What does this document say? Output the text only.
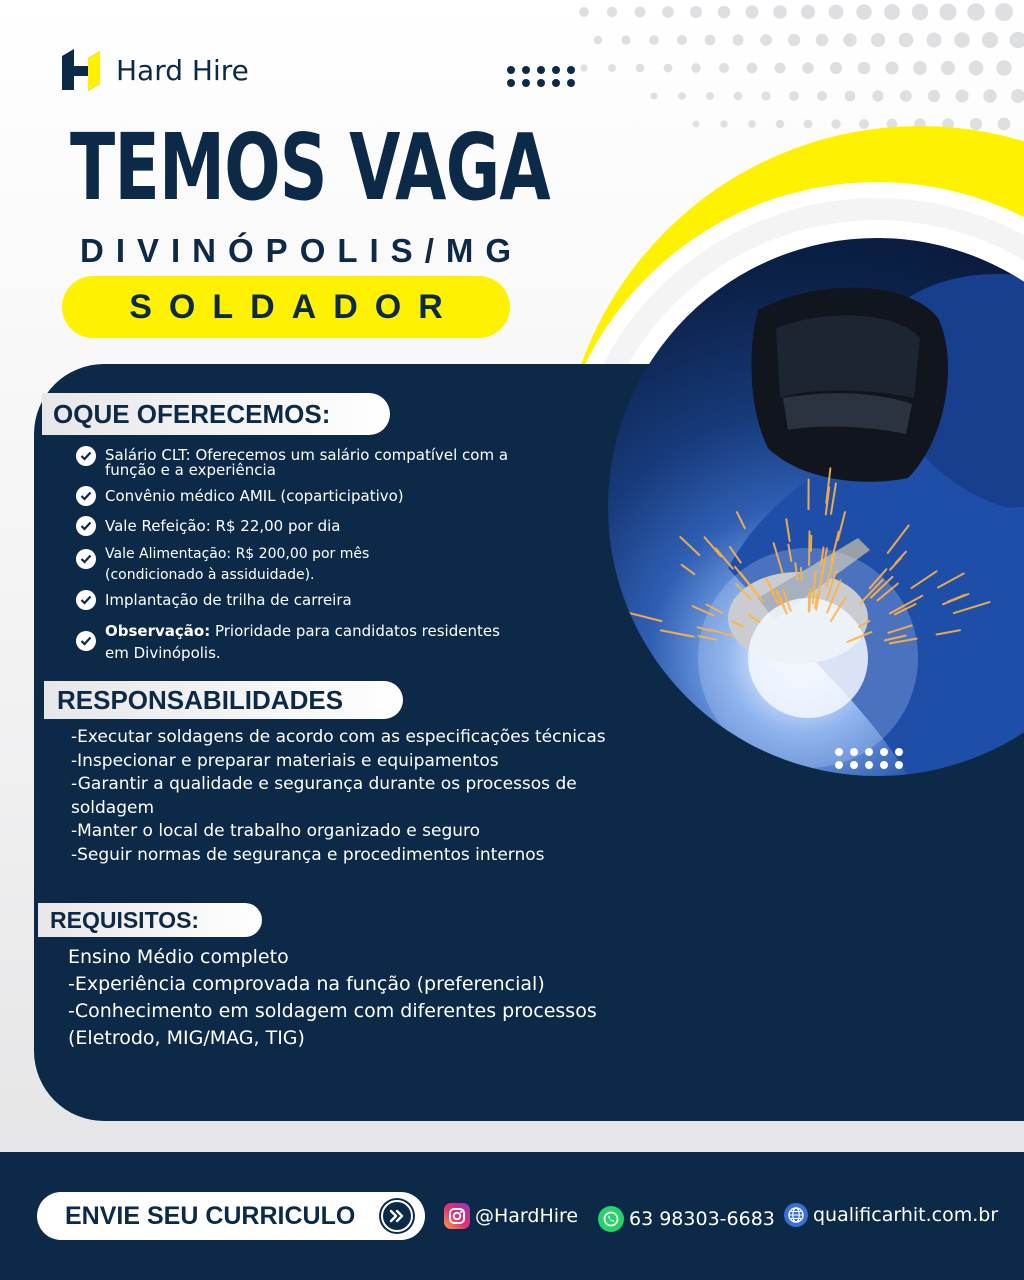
Hard Hire
TEMOS VAGA
DIVINÓPOLIS/MG
SOLDADOR
OQUE OFERECEMOS:
Salário CLT: Oferecemos um salário compatível com a função e a experiência
Convênio médico AMIL (coparticipativo)
Vale Refeição: R$ 22,00 por dia
Vale Alimentação: R$ 200,00 por mês (condicionado à assiduidade).
Implantação de trilha de carreira
Observação: Prioridade para candidatos residentes em Divinópolis.
RESPONSABILIDADES
-Executar soldagens de acordo com as especificações técnicas
-Inspecionar e preparar materiais e equipamentos
-Garantir a qualidade e segurança durante os processos de soldagem
-Manter o local de trabalho organizado e seguro
-Seguir normas de segurança e procedimentos internos
REQUISITOS:
Ensino Médio completo
-Experiência comprovada na função (preferencial)
-Conhecimento em soldagem com diferentes processos (Eletrodo, MIG/MAG, TIG)
ENVIE SEU CURRICULO	@HardHire	63 98303-6683 qualificarhit.com.br
